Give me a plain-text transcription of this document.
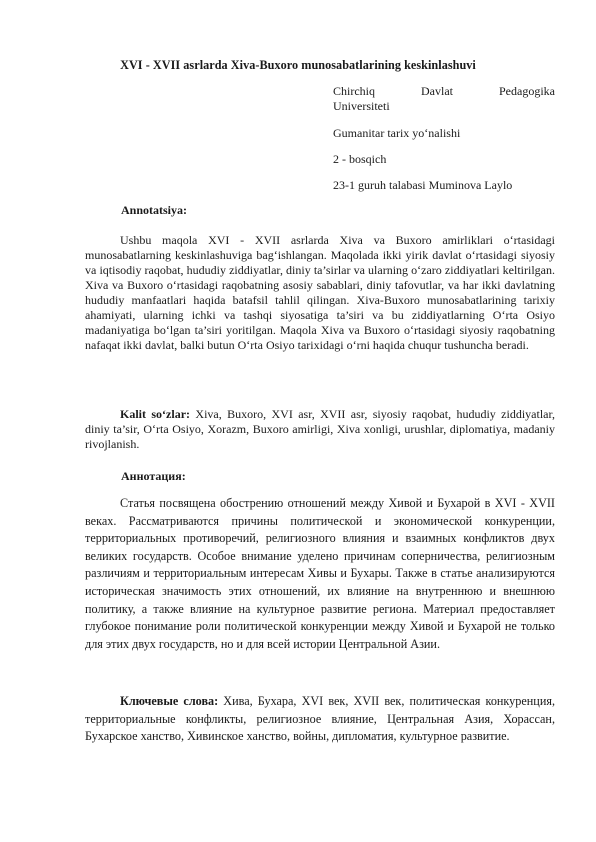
XVI - XVII asrlarda Xiva-Buxoro munosabatlarining keskinlashuvi
Chirchiq	Davlat	Pedagogika
Universiteti
Gumanitar tarix yo‘nalishi
2 - bosqich
23-1 guruh talabasi Muminova Laylo
Annotatsiya:
Ushbu maqola XVI - XVII asrlarda Xiva va Buxoro amirliklari o‘rtasidagi munosabatlarning keskinlashuviga bag‘ishlangan. Maqolada ikki yirik davlat o‘rtasidagi siyosiy va iqtisodiy raqobat, hududiy ziddiyatlar, diniy ta’sirlar va ularning o‘zaro ziddiyatlari keltirilgan. Xiva va Buxoro o‘rtasidagi raqobatning asosiy sabablari, diniy tafovutlar, va har ikki davlatning hududiy manfaatlari haqida batafsil tahlil qilingan. Xiva-Buxoro munosabatlarining tarixiy ahamiyati, ularning ichki va tashqi siyosatiga ta’siri va bu ziddiyatlarning O‘rta Osiyo madaniyatiga bo‘lgan ta’siri yoritilgan. Maqola Xiva va Buxoro o‘rtasidagi siyosiy raqobatning nafaqat ikki davlat, balki butun O‘rta Osiyo tarixidagi o‘rni haqida chuqur tushuncha beradi.
Kalit so‘zlar: Xiva, Buxoro, XVI asr, XVII asr, siyosiy raqobat, hududiy ziddiyatlar, diniy ta’sir, O‘rta Osiyo, Xorazm, Buxoro amirligi, Xiva xonligi, urushlar, diplomatiya, madaniy rivojlanish.
Аннотация:
Статья посвящена обострению отношений между Хивой и Бухарой в XVI - XVII веках. Рассматриваются причины политической и экономической конкуренции, территориальных противоречий, религиозного влияния и взаимных конфликтов двух великих государств. Особое внимание уделено причинам соперничества, религиозным различиям и территориальным интересам Хивы и Бухары. Также в статье анализируются историческая значимость этих отношений, их влияние на внутреннюю и внешнюю политику, а также влияние на культурное развитие региона. Материал предоставляет глубокое понимание роли политической конкуренции между Хивой и Бухарой не только для этих двух государств, но и для всей истории Центральной Азии.
Ключевые слова: Хива, Бухара, XVI век, XVII век, политическая конкуренция, территориальные конфликты, религиозное влияние, Центральная Азия, Хорассан, Бухарское ханство, Хивинское ханство, войны, дипломатия, культурное развитие.
